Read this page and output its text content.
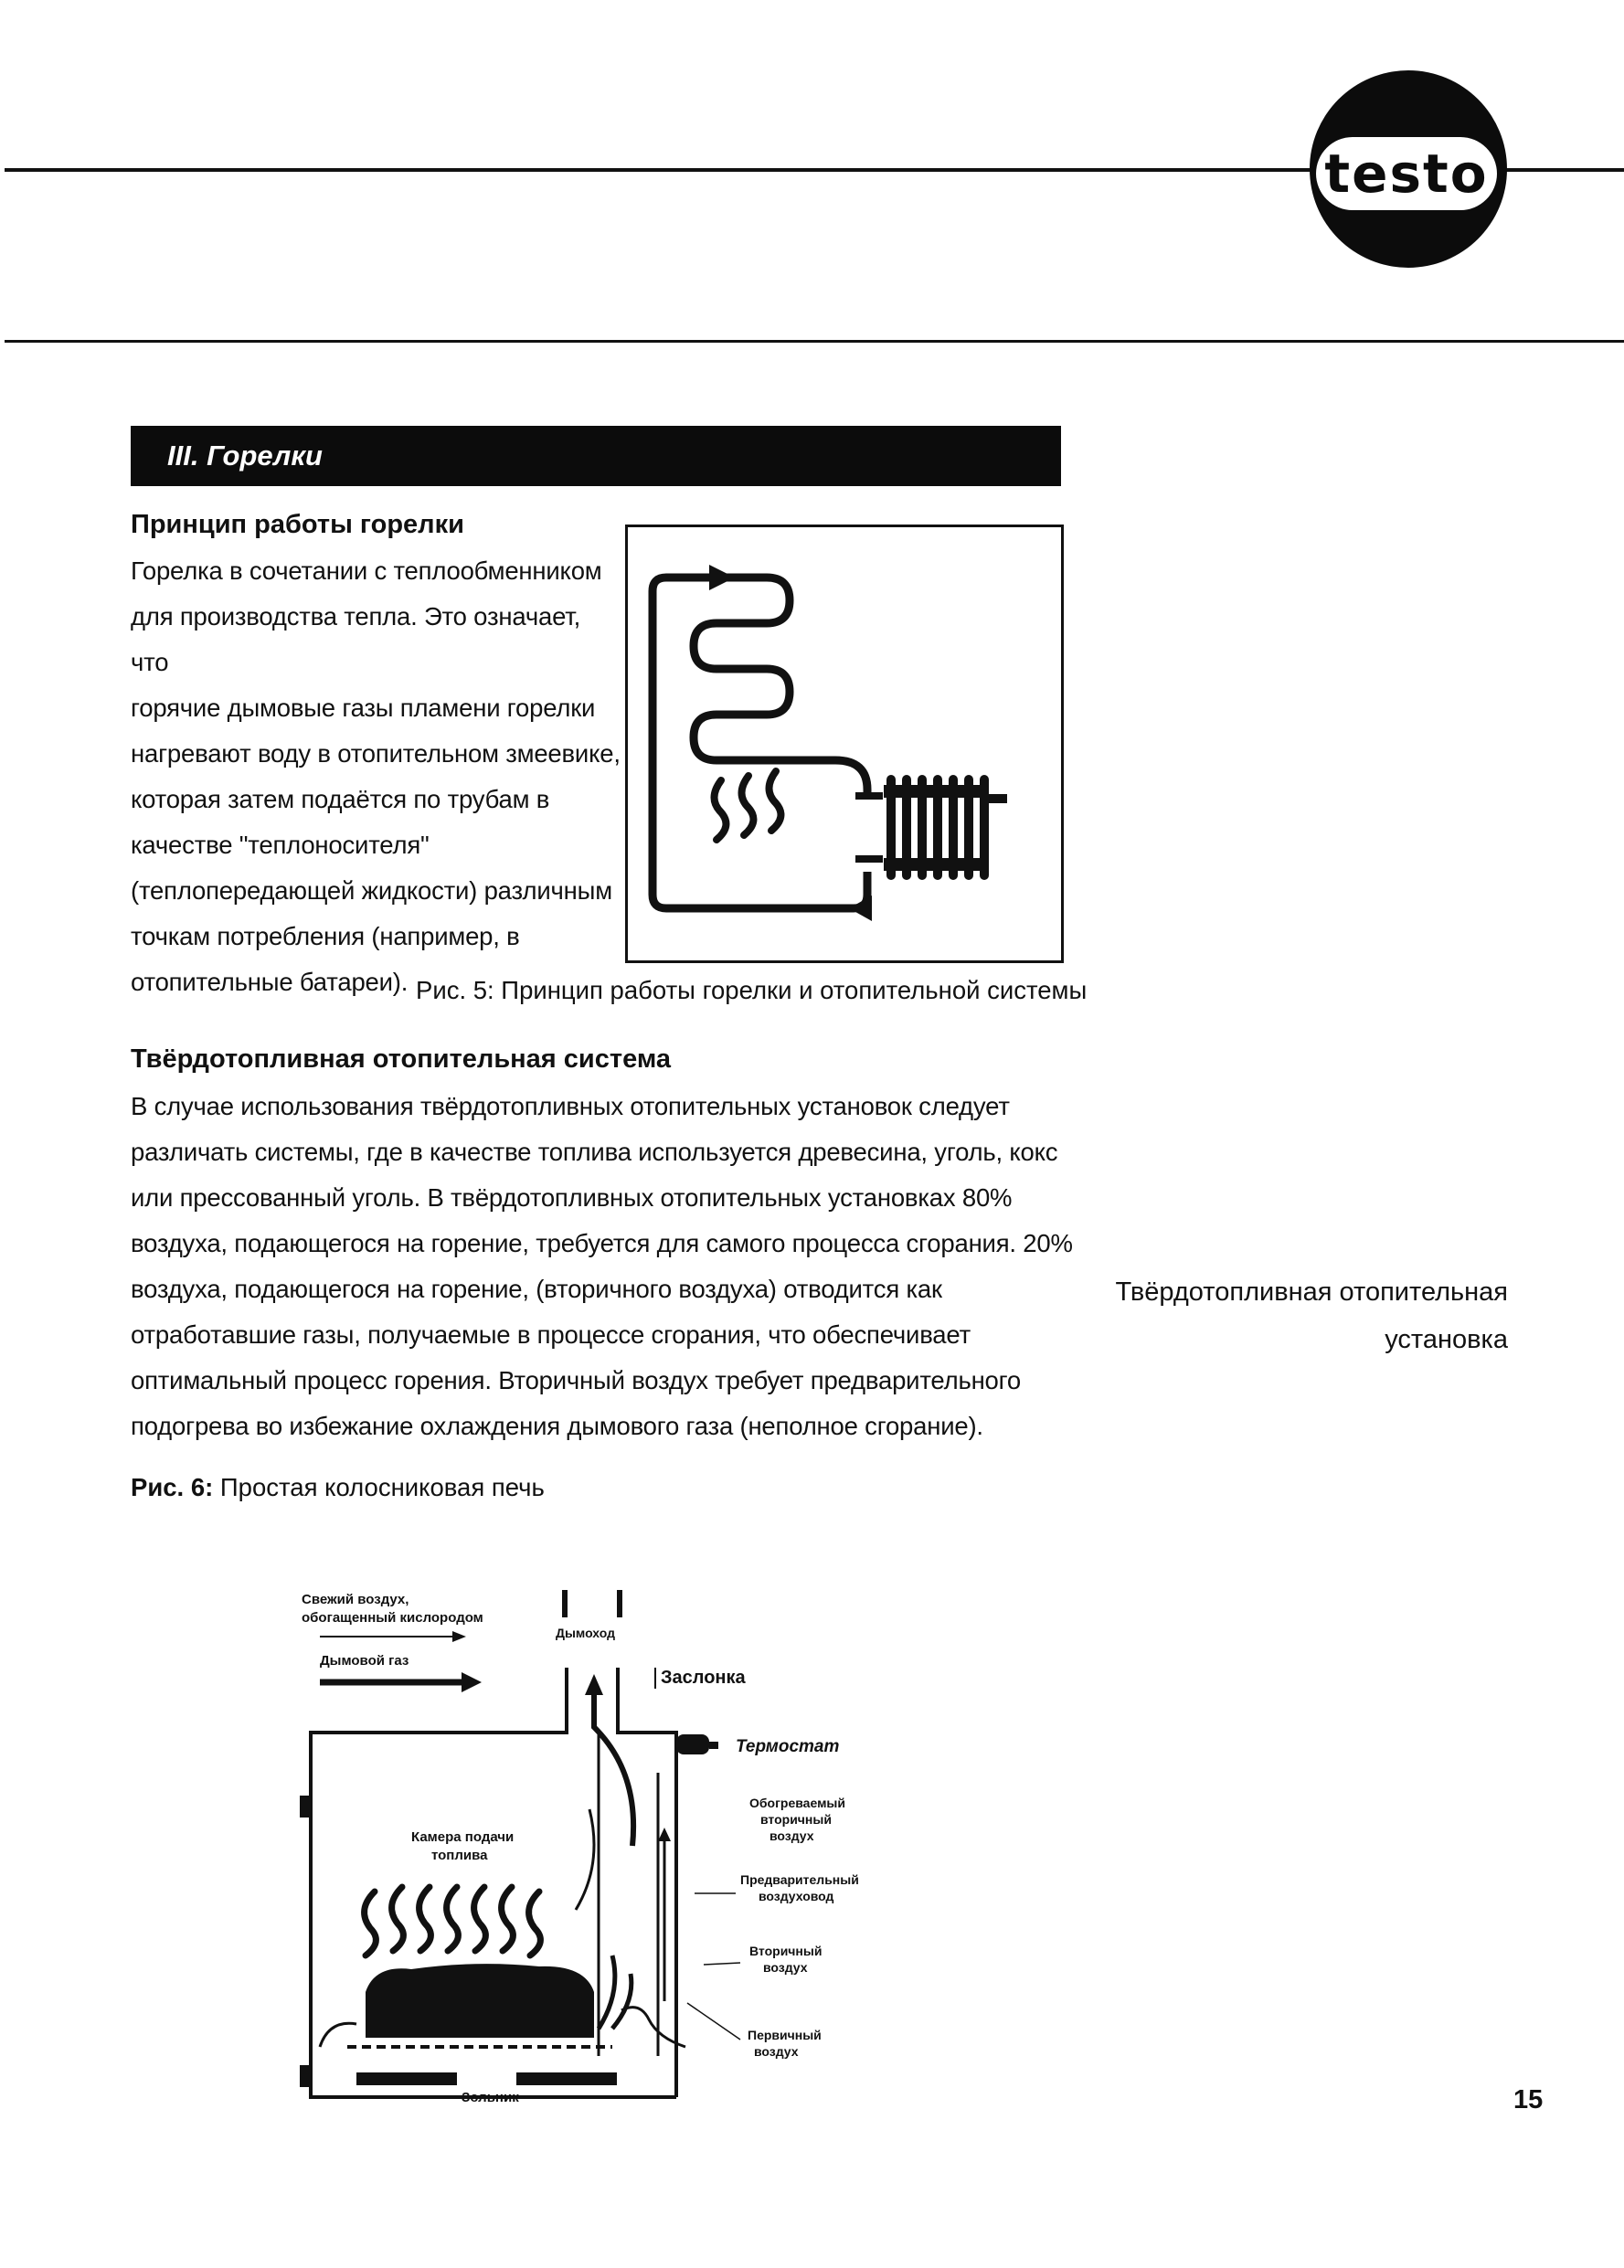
testo
III. Горелки
Принцип работы горелки
Горелка в сочетании с теплообменником
для производства тепла. Это означает, что
горячие дымовые газы пламени горелки
нагревают воду в отопительном змеевике,
которая затем подаётся по трубам в
качестве "теплоносителя"
(теплопередающей жидкости) различным
точкам потребления (например, в
отопительные батареи). Рис. 5: Принцип работы горелки и отопительной системы
Твёрдотопливная отопительная система
В случае использования твёрдотопливных отопительных установок следует
различать системы, где в качестве топлива используется древесина, уголь, кокс
или прессованный уголь. В твёрдотопливных отопительных установках 80%
воздуха, подающегося на горение, требуется для самого процесса сгорания. 20%
воздуха, подающегося на горение, (вторичного воздуха) отводится как
отработавшие газы, получаемые в процессе сгорания, что обеспечивает
оптимальный процесс горения. Вторичный воздух требует предварительного
подогрева во избежание охлаждения дымового газа (неполное сгорание).
Твёрдотопливная отопительная
установка
Рис. 6: Простая колосниковая печь
Свежий воздух,
обогащенный кислородом
Дымовой газ
Дымоход
Заслонка
Термостат
Камера подачи
топлива
Зольник
Обогреваемый
вторичный
воздух
Предварительный
воздуховод
Вторичный
воздух
Первичный
воздух
15
